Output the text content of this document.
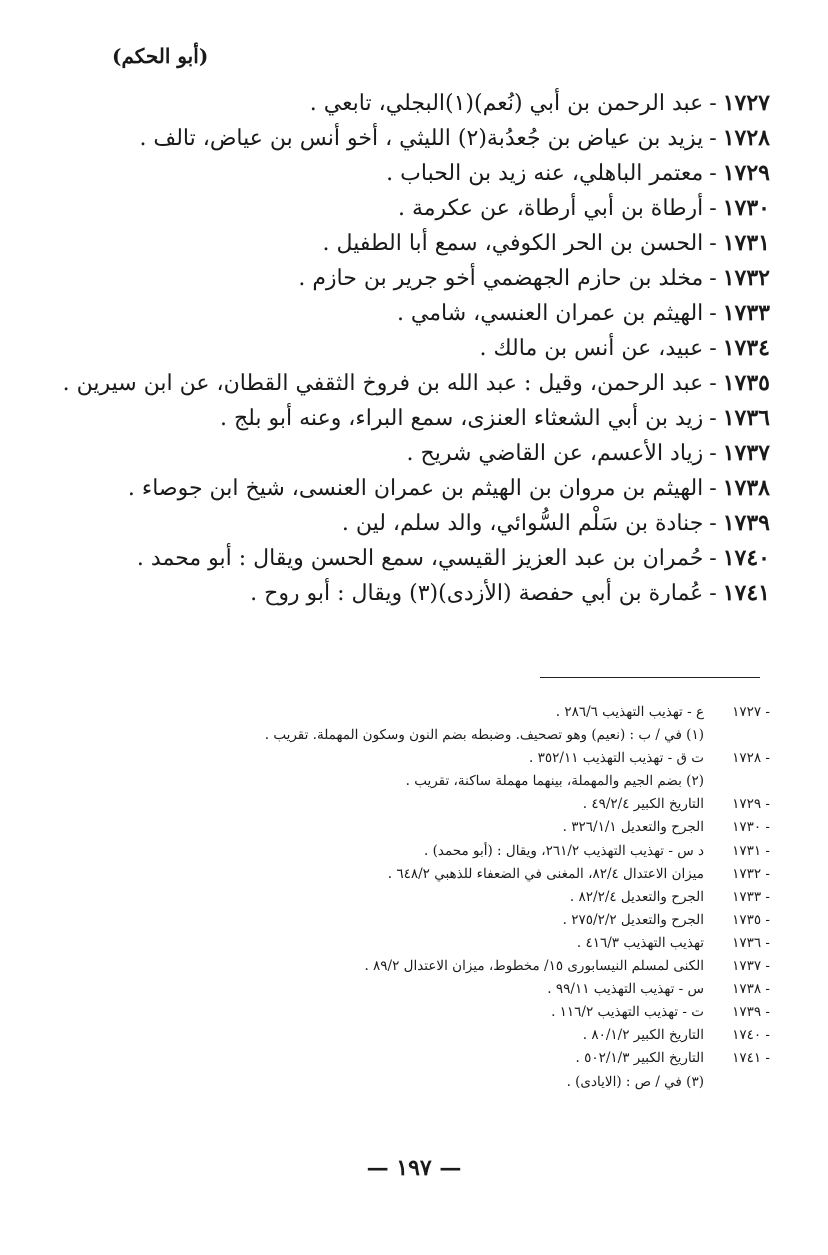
(أبو الحكم)
١٧٢٧-عبد الرحمن بن أبي (نُعم)(١)البجلي، تابعي .
١٧٢٨-يزيد بن عياض بن جُعدُبة(٢) الليثي ، أخو أنس بن عياض، تالف .
١٧٢٩-معتمر الباهلي، عنه زيد بن الحباب .
١٧٣٠-أرطاة بن أبي أرطاة، عن عكرمة .
١٧٣١-الحسن بن الحر الكوفي، سمع أبا الطفيل .
١٧٣٢-مخلد بن حازم الجهضمي أخو جرير بن حازم .
١٧٣٣-الهيثم بن عمران العنسي، شامي .
١٧٣٤-عبيد، عن أنس بن مالك .
١٧٣٥-عبد الرحمن، وقيل : عبد الله بن فروخ الثقفي القطان، عن ابن سيرين .
١٧٣٦-زيد بن أبي الشعثاء العنزى، سمع البراء، وعنه أبو بلج .
١٧٣٧-زياد الأعسم، عن القاضي شريح .
١٧٣٨-الهيثم بن مروان بن الهيثم بن عمران العنسى، شيخ ابن جوصاء .
١٧٣٩-جنادة بن سَلْم السُّوائي، والد سلم، لين .
١٧٤٠-حُمران بن عبد العزيز القيسي، سمع الحسن ويقال : أبو محمد .
١٧٤١-عُمارة بن أبي حفصة (الأزدى)(٣) ويقال : أبو روح .
- ١٧٢٧
ع - تهذيب التهذيب ٢٨٦/٦ .
(١) في / ب : (نعيم) وهو تصحيف. وضبطه بضم النون وسكون المهملة. تقريب .
- ١٧٢٨
ت ق - تهذيب التهذيب ٣٥٢/١١ .
(٢) بضم الجيم والمهملة، بينهما مهملة ساكنة، تقريب .
- ١٧٢٩
التاريخ الكبير ٤٩/٢/٤ .
- ١٧٣٠
الجرح والتعديل ٣٢٦/١/١ .
- ١٧٣١
د س - تهذيب التهذيب ٢٦١/٢، ويقال : (أبو محمد) .
- ١٧٣٢
ميزان الاعتدال ٨٢/٤، المغنى في الضعفاء للذهبي ٦٤٨/٢ .
- ١٧٣٣
الجرح والتعديل ٨٢/٢/٤ .
- ١٧٣٥
الجرح والتعديل ٢٧٥/٢/٢ .
- ١٧٣٦
تهذيب التهذيب ٤١٦/٣ .
- ١٧٣٧
الكنى لمسلم النيسابورى ١٥/ مخطوط، ميزان الاعتدال ٨٩/٢ .
- ١٧٣٨
س - تهذيب التهذيب ٩٩/١١ .
- ١٧٣٩
ت - تهذيب التهذيب ١١٦/٢ .
- ١٧٤٠
التاريخ الكبير ٨٠/١/٢ .
- ١٧٤١
التاريخ الكبير ٥٠٢/١/٣ .
(٣) في / ص : (الايادى) .
— ١٩٧ —
